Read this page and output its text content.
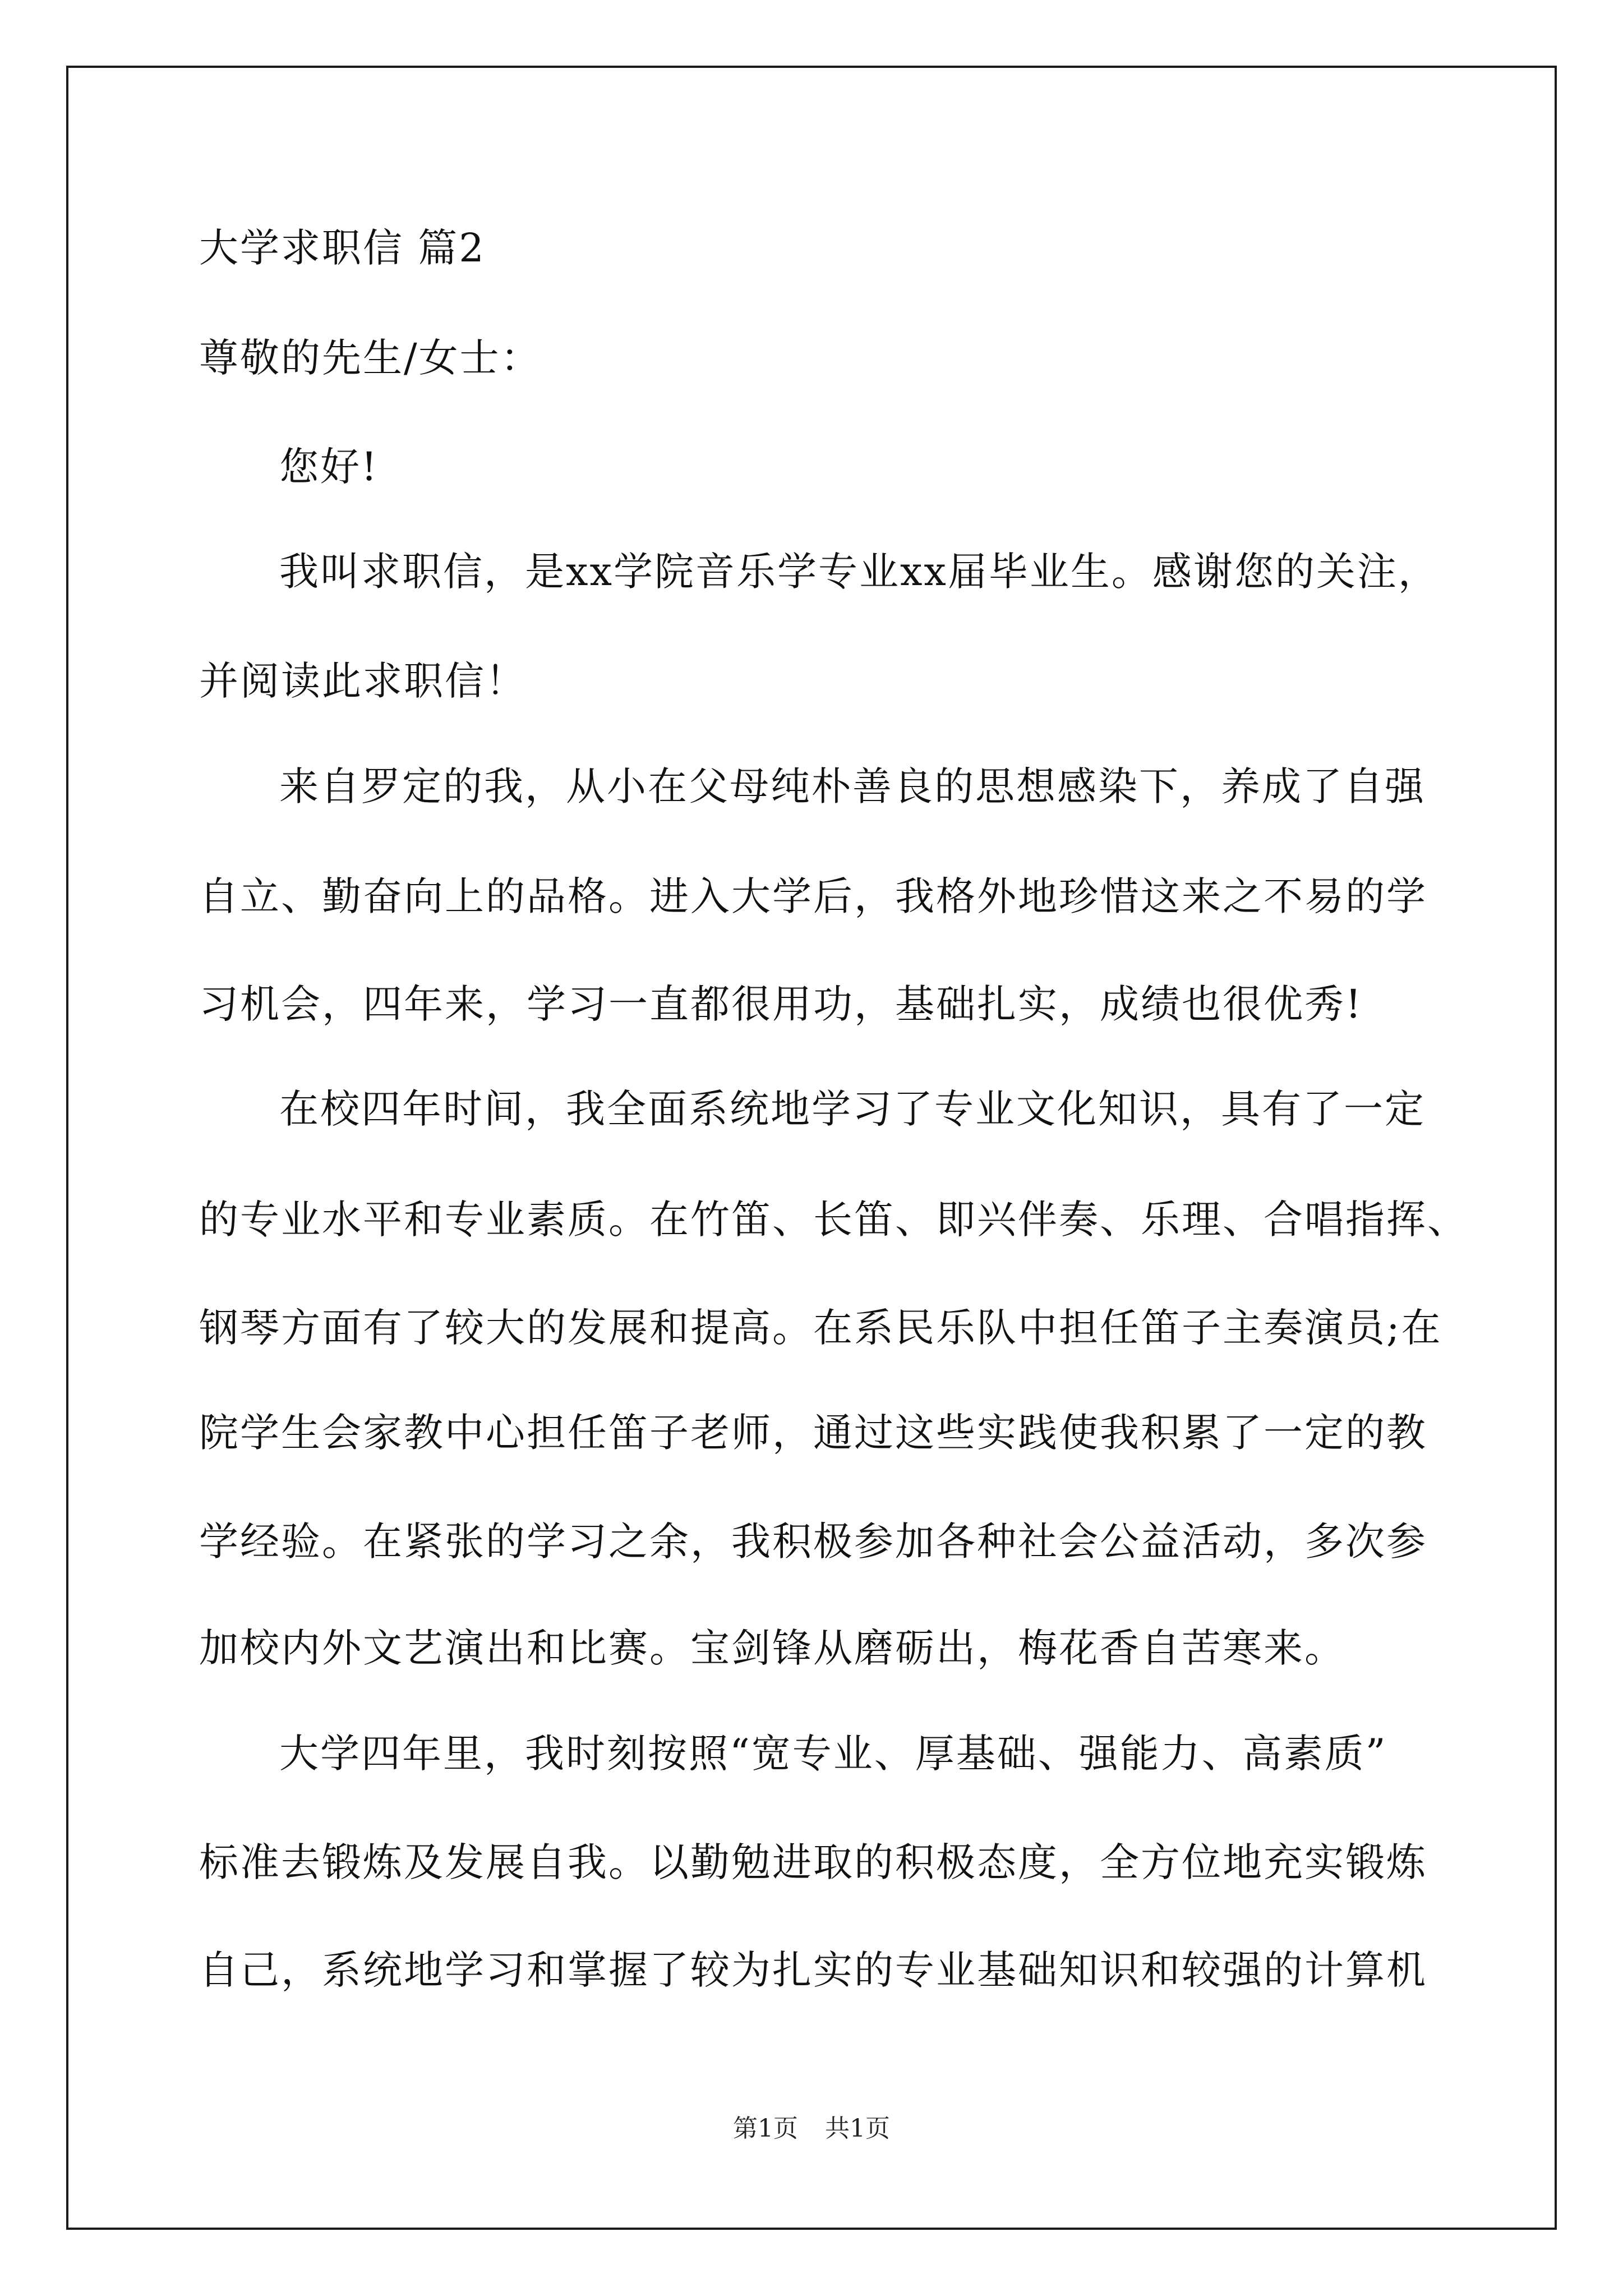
大学求职信 篇2
尊敬的先生/女士：
您好!
我叫求职信，是xx学院音乐学专业xx届毕业生。感谢您的关注，
并阅读此求职信！
来自罗定的我，从小在父母纯朴善良的思想感染下，养成了自强
自立、勤奋向上的品格。进入大学后，我格外地珍惜这来之不易的学
习机会，四年来，学习一直都很用功，基础扎实，成绩也很优秀!
在校四年时间，我全面系统地学习了专业文化知识，具有了一定
的专业水平和专业素质。在竹笛、长笛、即兴伴奏、乐理、合唱指挥、
钢琴方面有了较大的发展和提高。在系民乐队中担任笛子主奏演员;在
院学生会家教中心担任笛子老师，通过这些实践使我积累了一定的教
学经验。在紧张的学习之余，我积极参加各种社会公益活动，多次参
加校内外文艺演出和比赛。宝剑锋从磨砺出，梅花香自苦寒来。
大学四年里，我时刻按照“宽专业、厚基础、强能力、高素质”
标准去锻炼及发展自我。以勤勉进取的积极态度，全方位地充实锻炼
自己，系统地学习和掌握了较为扎实的专业基础知识和较强的计算机
第1页 共1页
